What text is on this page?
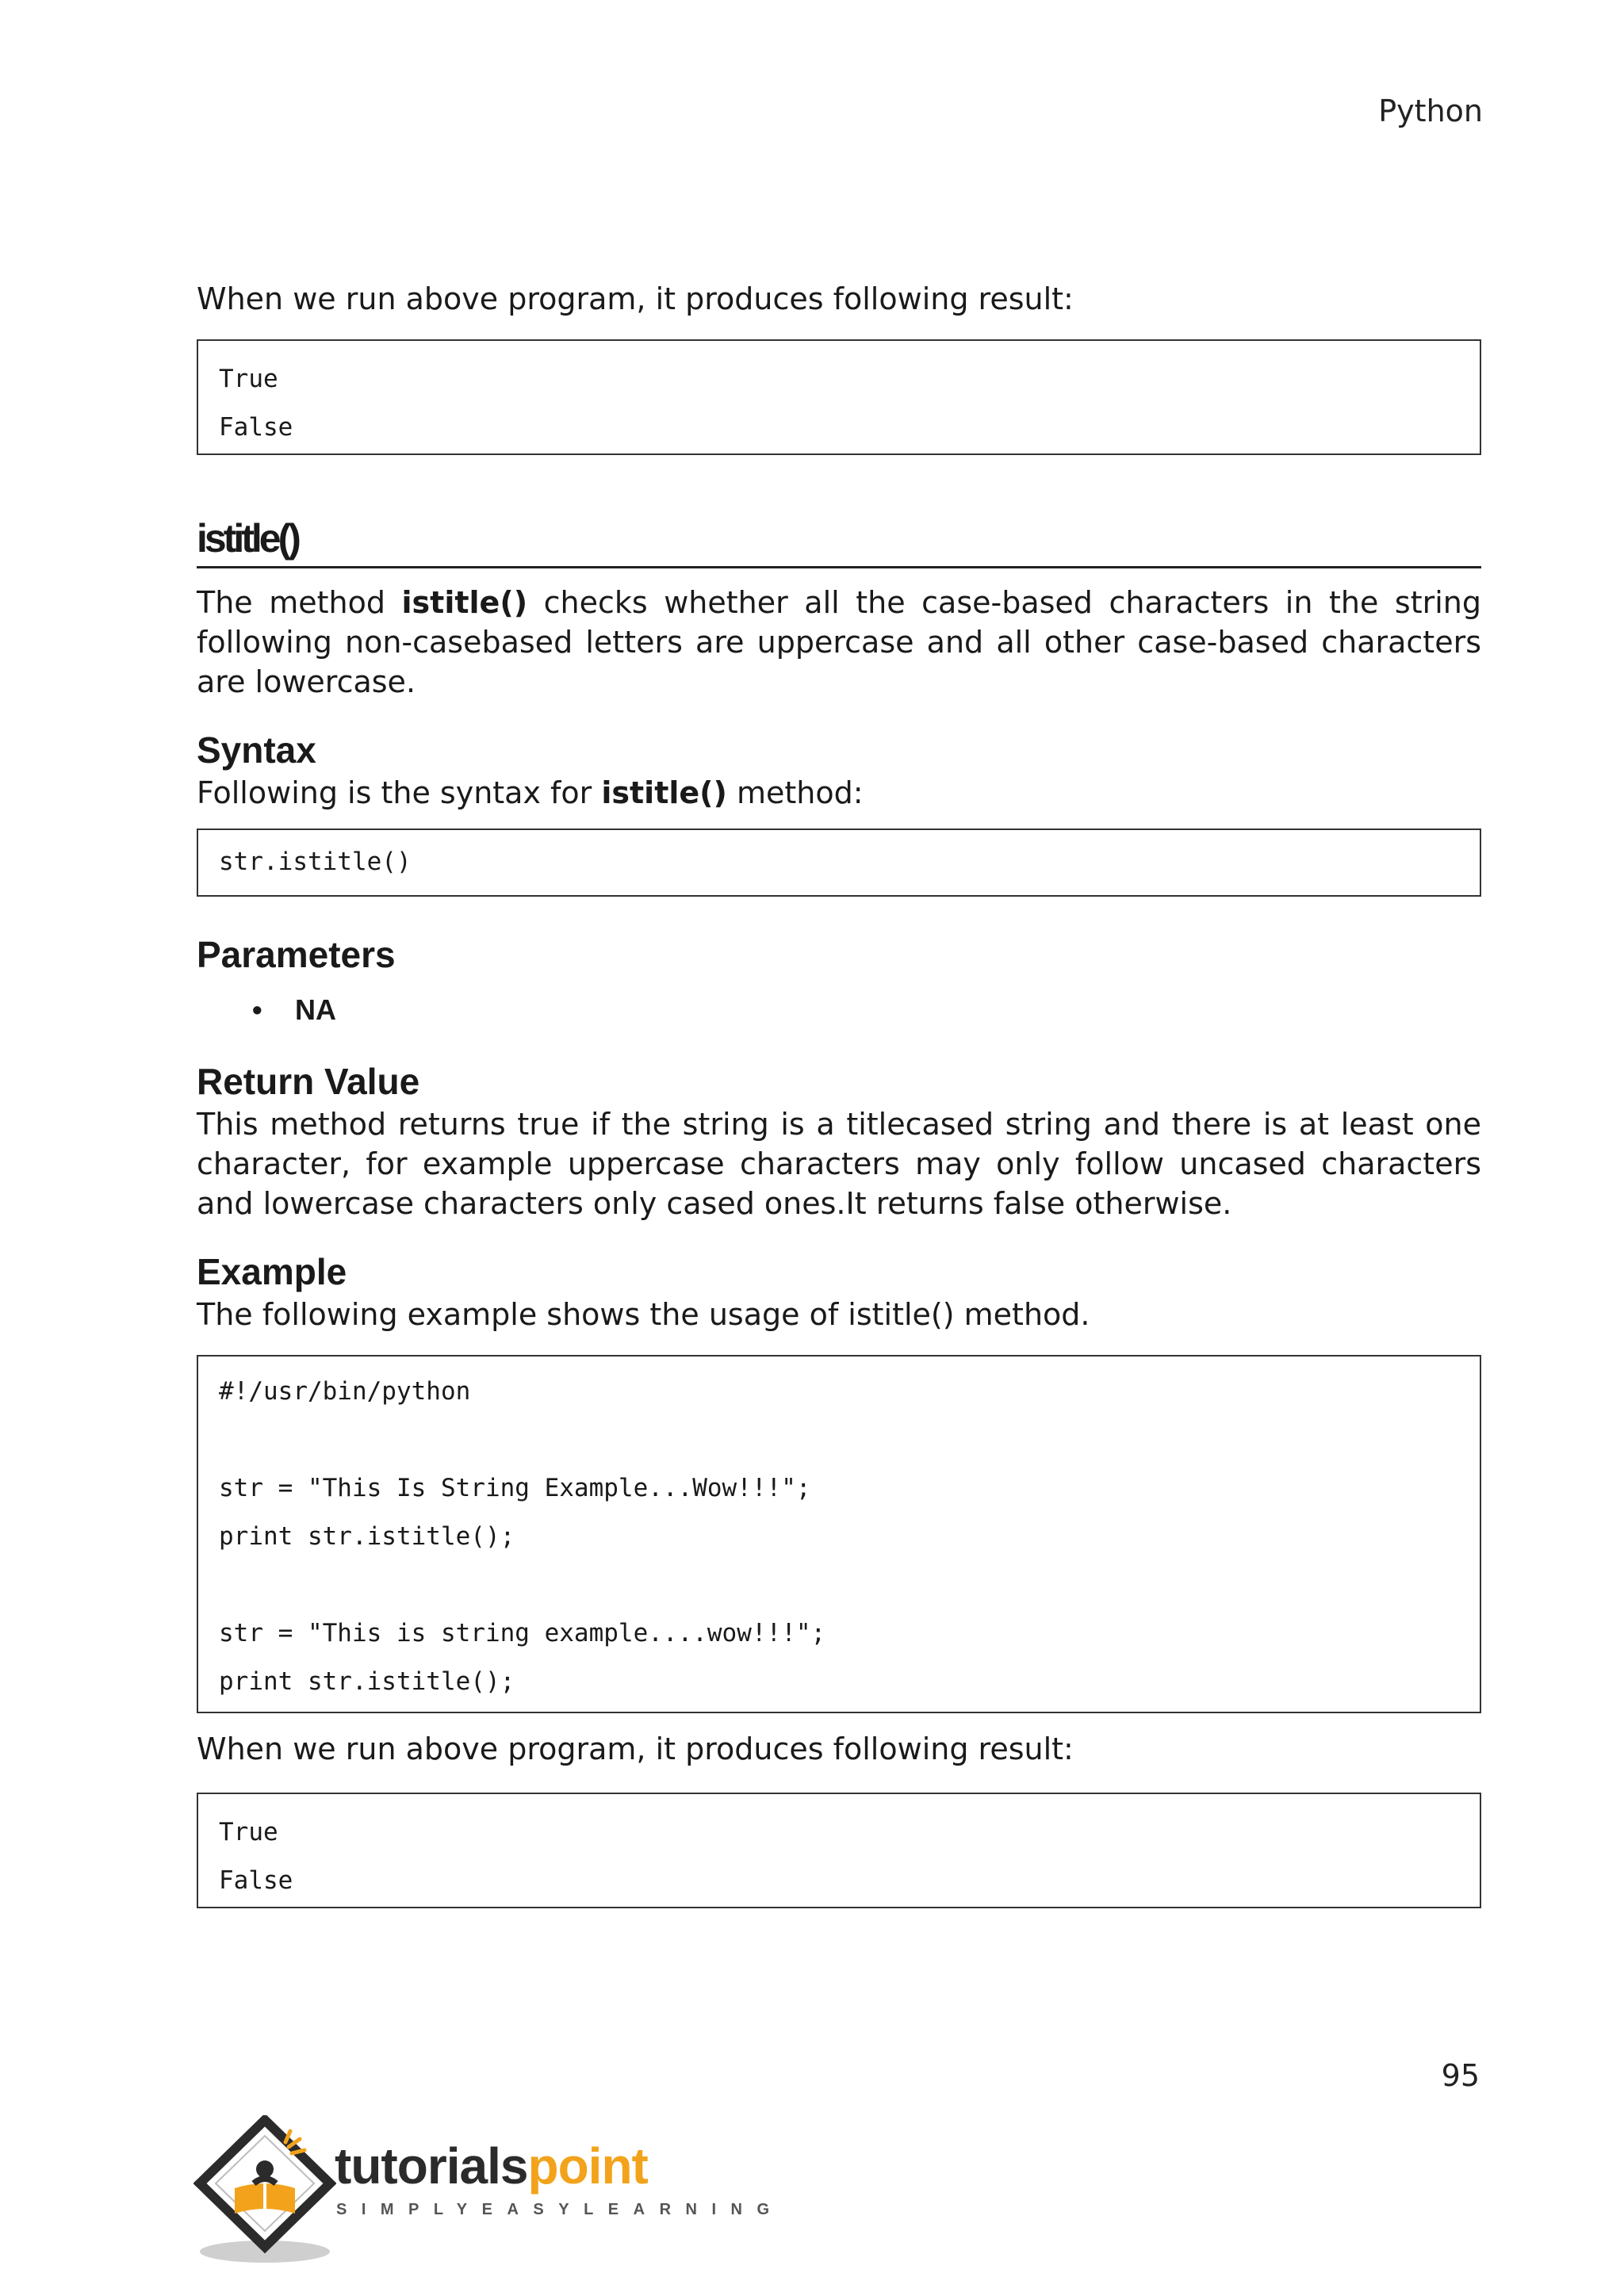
Python

When we run above program, it produces following result:

True
False
istitle()

The method istitle() checks whether all the case-based characters in the string following non-casebased letters are uppercase and all other case-based characters are lowercase.

Syntax

Following is the syntax for istitle() method:

str.istitle()
Parameters
• NA
Return Value

This method returns true if the string is a titlecased string and there is at least one character, for example uppercase characters may only follow uncased characters and lowercase characters only cased ones.It returns false otherwise.

Example

The following example shows the usage of istitle() method.

#!/usr/bin/python
str = "This Is String Example...Wow!!!";
print str.istitle();
str = "This is string example....wow!!!";
print str.istitle();

When we run above program, it produces following result:

True
False
95
tutorialspoint
SIMPLYEASYLEARNING
